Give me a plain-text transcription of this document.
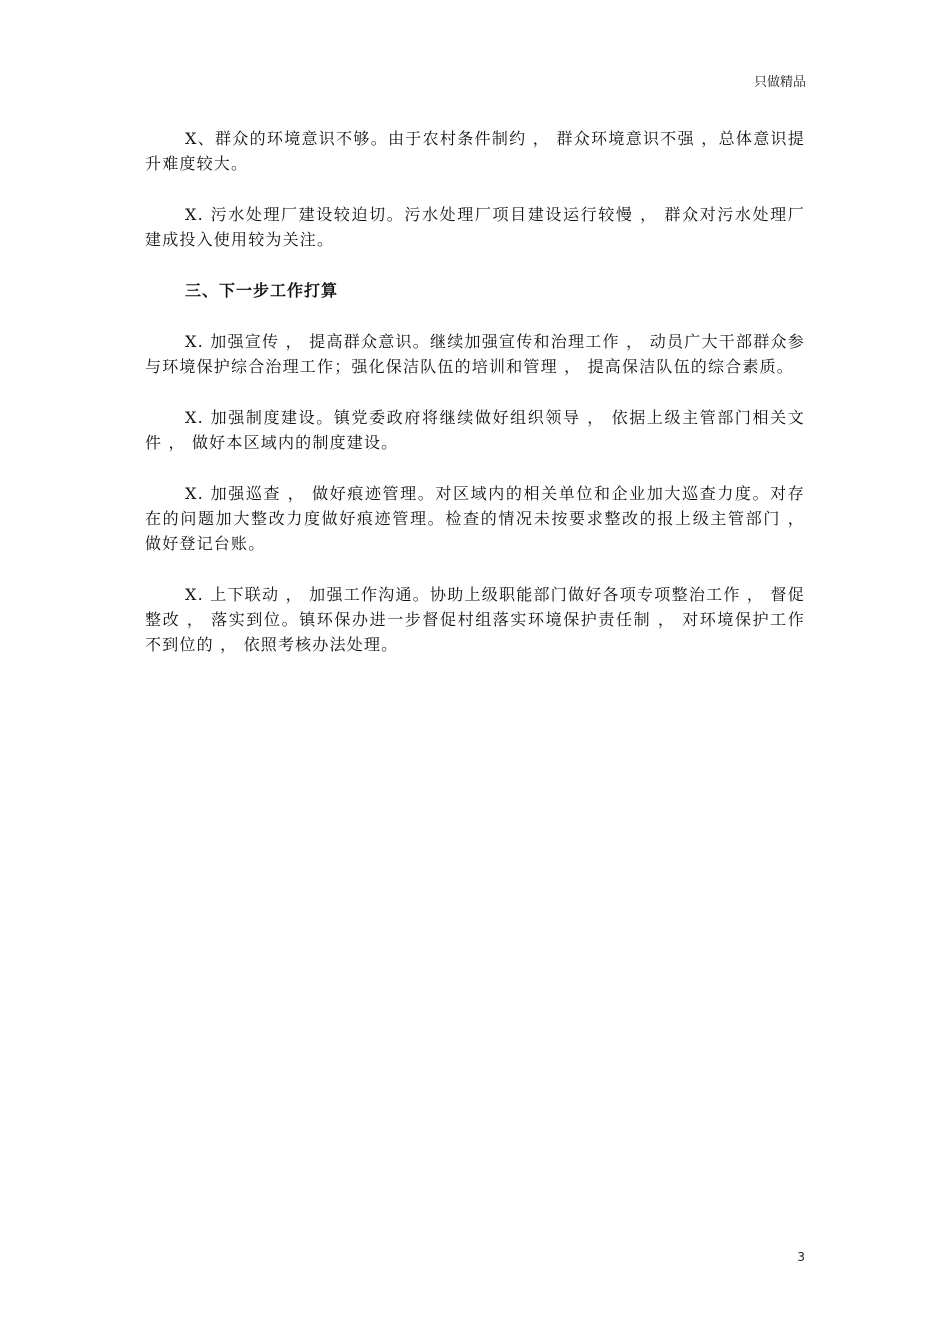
只做精品

X、群众的环境意识不够。由于农村条件制约 ， 群众环境意识不强 ，总体意识提升难度较大。

X. 污水处理厂建设较迫切。污水处理厂项目建设运行较慢 ， 群众对污水处理厂建成投入使用较为关注。

三、下一步工作打算

X. 加强宣传 ， 提高群众意识。继续加强宣传和治理工作 ， 动员广大干部群众参与环境保护综合治理工作；强化保洁队伍的培训和管理 ， 提高保洁队伍的综合素质。

X. 加强制度建设。镇党委政府将继续做好组织领导 ， 依据上级主管部门相关文件 ， 做好本区域内的制度建设。

X. 加强巡查 ， 做好痕迹管理。对区域内的相关单位和企业加大巡查力度。对存在的问题加大整改力度做好痕迹管理。检查的情况未按要求整改的报上级主管部门 ， 做好登记台账。

X. 上下联动 ， 加强工作沟通。协助上级职能部门做好各项专项整治工作 ， 督促整改 ， 落实到位。镇环保办进一步督促村组落实环境保护责任制 ， 对环境保护工作不到位的 ， 依照考核办法处理。

3
